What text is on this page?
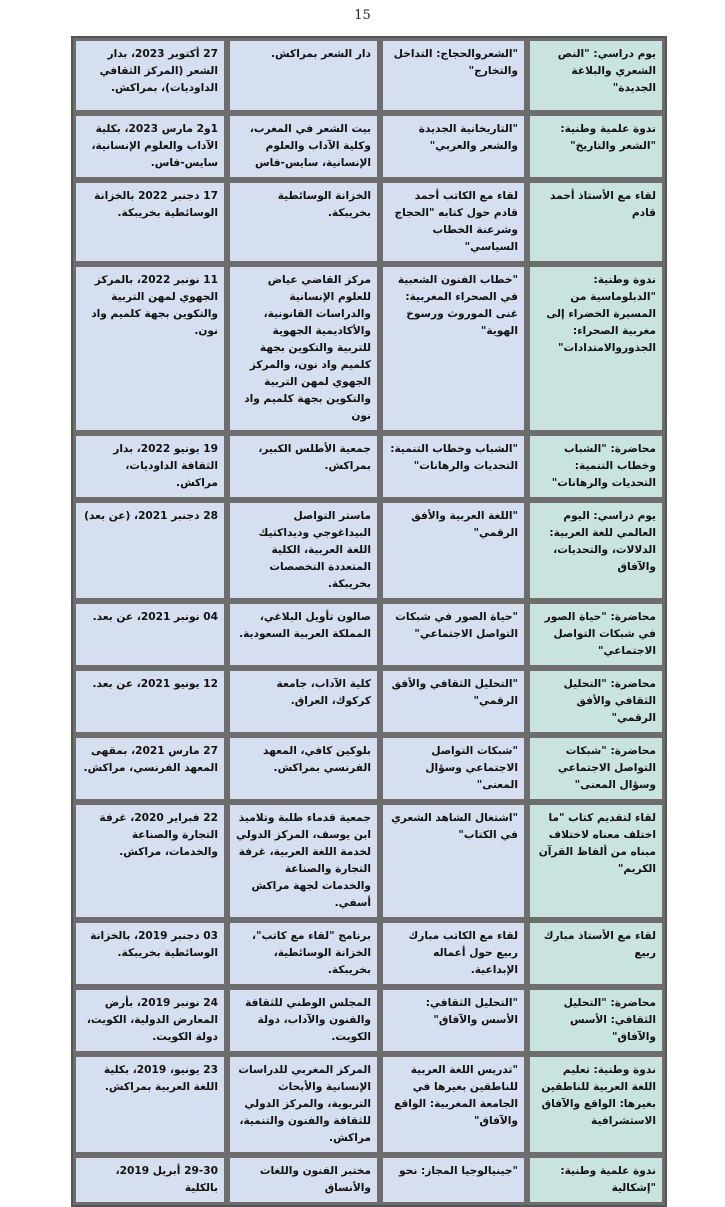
15
يوم دراسي: "النص الشعري والبلاغة الجديدة"	"الشعروالحجاج: التداخل والتخارج"	دار الشعر بمراكش.	27 أكتوبر 2023، بدار الشعر (المركز الثقافي الداوديات)، بمراكش.
ندوة علمية وطنية: "الشعر والتاريخ"	"التاريخانية الجديدة والشعر والعربي"	بيت الشعر في المغرب، وكلية الآداب والعلوم الإنسانية، سايس-فاس	1و2 مارس 2023، بكلية الآداب والعلوم الإنسانية، سايس-فاس.
لقاء مع الأستاذ أحمد قادم	لقاء مع الكاتب أحمد قادم حول كتابه "الحجاج وشرعنة الخطاب السياسي"	الخزانة الوسائطية بخريبكة.	17 دجنبر 2022 بالخزانة الوسائطية بخريبكة.
ندوة وطنية: "الدبلوماسية من المسيرة الخضراء إلى مغربية الصحراء: الجذوروالامتدادات"	"خطاب الفنون الشعبية في الصحراء المغربية: غنى الموروث ورسوخ الهوية"	مركز القاضي عياض للعلوم الإنسانية والدراسات القانونية، والأكاديمية الجهوية للتربية والتكوين بجهة كلميم واد نون، والمركز الجهوي لمهن التربية والتكوين بجهة كلميم واد نون	11 نونبر 2022، بالمركز الجهوي لمهن التربية والتكوين بجهة كلميم واد نون.
محاضرة: "الشباب وخطاب التنمية: التحديات والرهانات"	"الشباب وخطاب التنمية: التحديات والرهانات"	جمعية الأطلس الكبير، بمراكش.	19 يونيو 2022، بدار الثقافة الداوديات، مراكش.
يوم دراسي: اليوم العالمي للغة العربية: الدلالات، والتحديات، والآفاق	"اللغة العربية والأفق الرقمي"	ماستر التواصل البيداغوجي وديداكتيك اللغة العربية، الكلية المتعددة التخصصات بخريبكة.	28 دجنبر 2021، (عن بعد)
محاضرة: "حياة الصور في شبكات التواصل الاجتماعي"	"حياة الصور في شبكات التواصل الاجتماعي"	صالون تأويل البلاغي، المملكة العربية السعودية.	04 نونبر 2021، عن بعد.
محاضرة: "التحليل الثقافي والأفق الرقمي"	"التحليل الثقافي والأفق الرقمي"	كلية الآداب، جامعة كركوك، العراق.	12 يونيو 2021، عن بعد.
محاضرة: "شبكات التواصل الاجتماعي وسؤال المعنى"	"شبكات التواصل الاجتماعي وسؤال المعنى"	بلوكين كافي، المعهد الفرنسي بمراكش.	27 مارس 2021، بمقهى المعهد الفرنسي، مراكش.
لقاء لتقديم كتاب "ما اختلف معناه لاختلاف مبناه من ألفاظ القرآن الكريم"	"اشتغال الشاهد الشعري في الكتاب"	جمعية قدماء طلبة وتلاميذ ابن يوسف، المركز الدولي لخدمة اللغة العربية، غرفة التجارة والصناعة والخدمات لجهة مراكش أسفي.	22 فبراير 2020، غرفة التجارة والصناعة والخدمات، مراكش.
لقاء مع الأستاذ مبارك ربيع	لقاء مع الكاتب مبارك ربيع حول أعماله الإبداعية.	برنامج "لقاء مع كاتب"، الخزانة الوسائطية، بخريبكة.	03 دجنبر 2019، بالخزانة الوسائطية بخريبكة.
محاضرة: "التحليل الثقافي: الأسس والآفاق"	"التحليل الثقافي: الأسس والآفاق"	المجلس الوطني للثقافة والفنون والآداب، دولة الكويت.	24 نونبر 2019، بأرض المعارض الدولية، الكويت، دولة الكويت.
ندوة وطنية: تعليم اللغة العربية للناطقين بغيرها: الواقع والآفاق الاستشرافية	"تدريس اللغة العربية للناطقين بغيرها في الجامعة المغربية: الواقع والآفاق"	المركز المغربي للدراسات الإنسانية والأبحاث التربوية، والمركز الدولي للثقافة والفنون والتنمية، مراكش.	23 يونيو، 2019، بكلية اللغة العربية بمراكش.
ندوة علمية وطنية: "إشكالية	"جينيالوجيا المجاز: نحو	مختبر الفنون واللغات والأنساق	29-30 أبريل 2019، بالكلية
